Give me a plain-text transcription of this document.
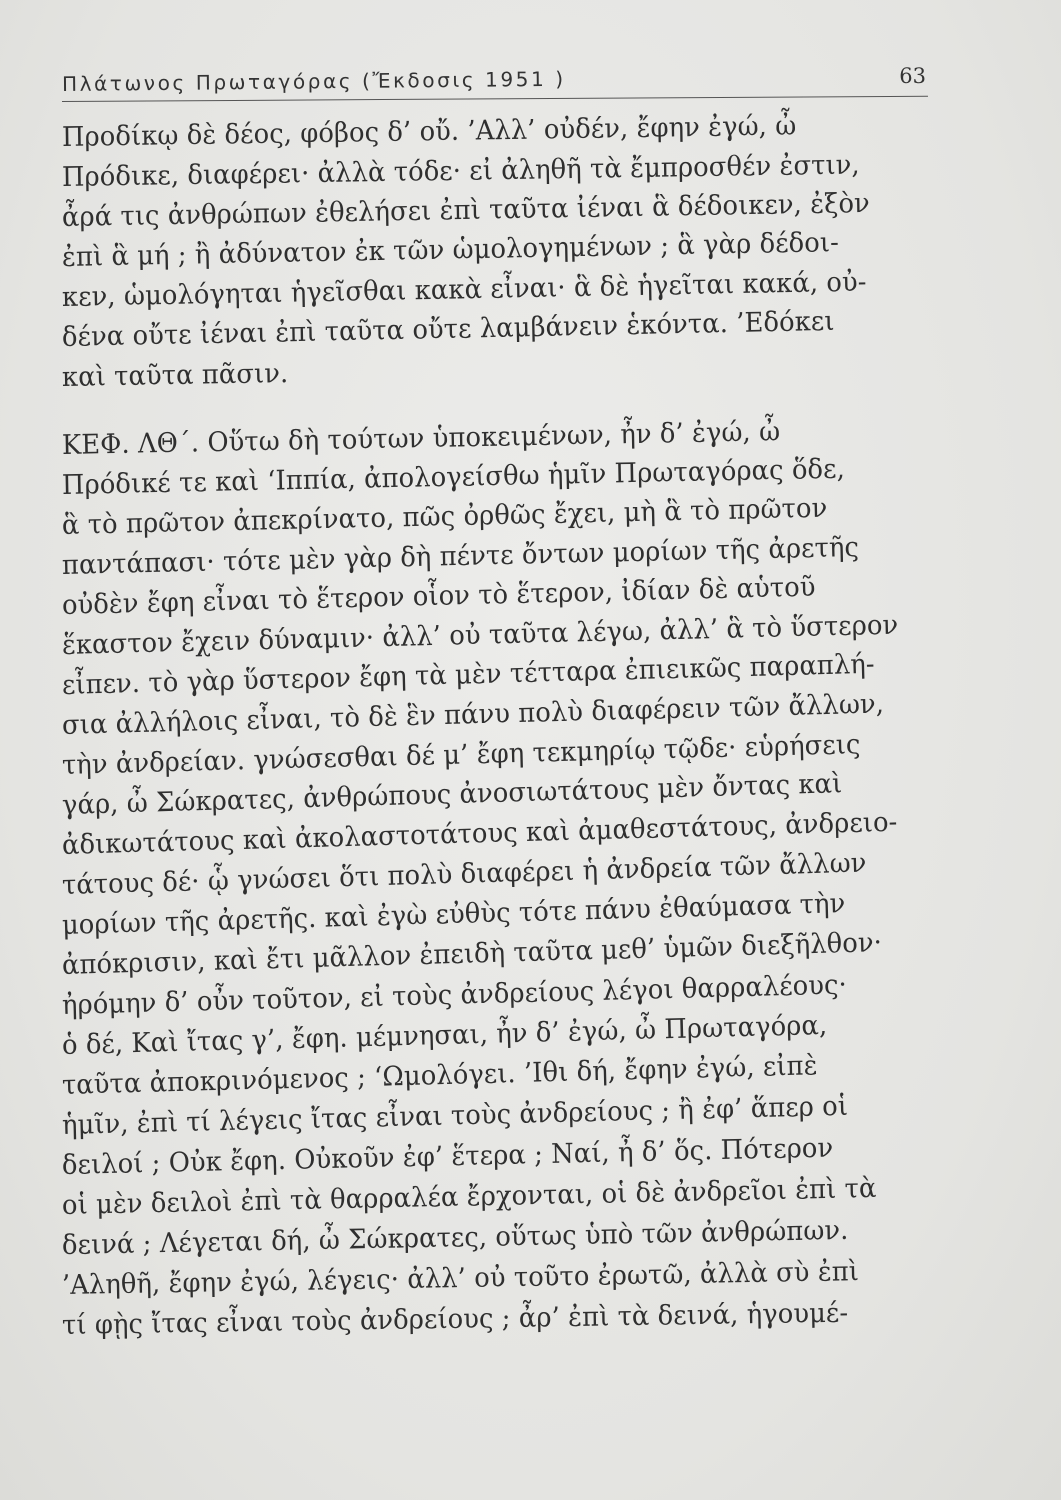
Πλάτωνος Πρωταγόρας (Ἔκδοσις 1951 )	63
Προδίκῳ δὲ δέος, φόβος δ’ οὔ. ’Αλλ’ οὐδέν, ἔφην ἐγώ, ὦ
Πρόδικε, διαφέρει· ἀλλὰ τόδε· εἰ ἀληθῆ τὰ ἔμπροσθέν ἐστιν,
ἆρά τις ἀνθρώπων ἐθελήσει ἐπὶ ταῦτα ἰέναι ἃ δέδοικεν, ἐξὸν
ἐπὶ ἃ μή ; ἢ ἀδύνατον ἐκ τῶν ὡμολογημένων ; ἃ γὰρ δέδοι-
κεν, ὡμολόγηται ἡγεῖσθαι κακὰ εἶναι· ἃ δὲ ἡγεῖται κακά, οὐ-
δένα οὔτε ἰέναι ἐπὶ ταῦτα οὔτε λαμβάνειν ἑκόντα. ’Εδόκει
καὶ ταῦτα πᾶσιν.
ΚΕΦ. ΛΘ΄. Οὕτω δὴ τούτων ὑποκειμένων, ἦν δ’ ἐγώ, ὦ
Πρόδικέ τε καὶ ‘Ιππία, ἀπολογείσθω ἡμῖν Πρωταγόρας ὅδε,
ἃ τὸ πρῶτον ἀπεκρίνατο, πῶς ὀρθῶς ἔχει, μὴ ἃ τὸ πρῶτον
παντάπασι· τότε μὲν γὰρ δὴ πέντε ὄντων μορίων τῆς ἀρετῆς
οὐδὲν ἔφη εἶναι τὸ ἕτερον οἷον τὸ ἕτερον, ἰδίαν δὲ αὑτοῦ
ἕκαστον ἔχειν δύναμιν· ἀλλ’ οὐ ταῦτα λέγω, ἀλλ’ ἃ τὸ ὕστερον
εἶπεν. τὸ γὰρ ὕστερον ἔφη τὰ μὲν τέτταρα ἐπιεικῶς παραπλή-
σια ἀλλήλοις εἶναι, τὸ δὲ ἓν πάνυ πολὺ διαφέρειν τῶν ἄλλων,
τὴν ἀνδρείαν. γνώσεσθαι δέ μ’ ἔφη τεκμηρίῳ τῷδε· εὑρήσεις
γάρ, ὦ Σώκρατες, ἀνθρώπους ἀνοσιωτάτους μὲν ὄντας καὶ
ἀδικωτάτους καὶ ἀκολαστοτάτους καὶ ἀμαθεστάτους, ἀνδρειο-
τάτους δέ· ᾧ γνώσει ὅτι πολὺ διαφέρει ἡ ἀνδρεία τῶν ἄλλων
μορίων τῆς ἀρετῆς. καὶ ἐγὼ εὐθὺς τότε πάνυ ἐθαύμασα τὴν
ἀπόκρισιν, καὶ ἔτι μᾶλλον ἐπειδὴ ταῦτα μεθ’ ὑμῶν διεξῆλθον·
ἠρόμην δ’ οὖν τοῦτον, εἰ τοὺς ἀνδρείους λέγοι θαρραλέους·
ὁ δέ, Καὶ ἴτας γ’, ἔφη. μέμνησαι, ἦν δ’ ἐγώ, ὦ Πρωταγόρα,
ταῦτα ἀποκρινόμενος ; ‘Ωμολόγει. ’Ιθι δή, ἔφην ἐγώ, εἰπὲ
ἡμῖν, ἐπὶ τί λέγεις ἴτας εἶναι τοὺς ἀνδρείους ; ἢ ἐφ’ ἅπερ οἱ
δειλοί ; Οὐκ ἔφη. Οὐκοῦν ἐφ’ ἕτερα ; Ναί, ἦ δ’ ὅς. Πότερον
οἱ μὲν δειλοὶ ἐπὶ τὰ θαρραλέα ἔρχονται, οἱ δὲ ἀνδρεῖοι ἐπὶ τὰ
δεινά ; Λέγεται δή, ὦ Σώκρατες, οὕτως ὑπὸ τῶν ἀνθρώπων.
’Αληθῆ, ἔφην ἐγώ, λέγεις· ἀλλ’ οὐ τοῦτο ἐρωτῶ, ἀλλὰ σὺ ἐπὶ
τί φῂς ἴτας εἶναι τοὺς ἀνδρείους ; ἆρ’ ἐπὶ τὰ δεινά, ἡγουμέ-
